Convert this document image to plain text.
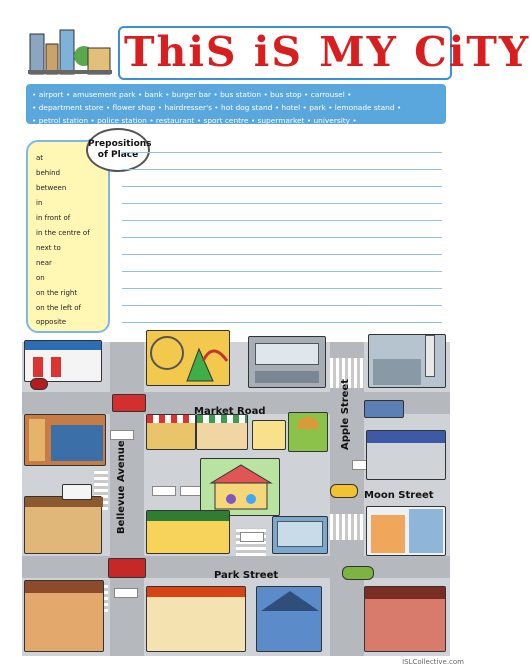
ThiS iS MY CiTY
• airport • amusement park • bank • burger bar • bus station • bus stop • carrousel •
• department store • flower shop • hairdresser's • hot dog stand • hotel • park • lemonade stand •
• petrol station • police station • restaurant • sport centre • supermarket • university •
Prepositions of Place
at
behind
between
in
in front of
in the centre of
next to
near
on
on the right
on the left of
opposite
Market Road	Apple Street
Bellevue Avenue	Moon Street
Park Street
ISLCollective.com
